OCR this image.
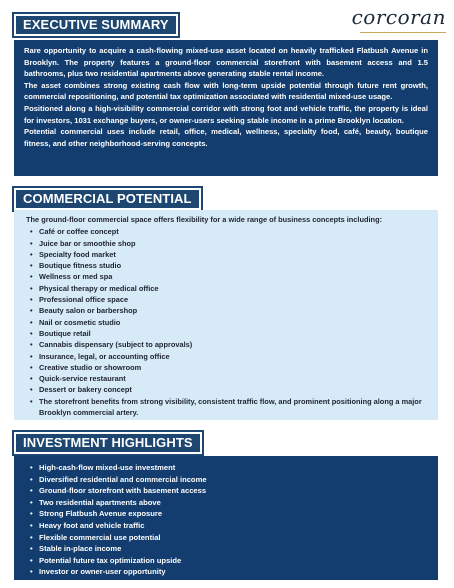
corcoran
EXECUTIVE SUMMARY

Rare opportunity to acquire a cash-flowing mixed-use asset located on heavily trafficked Flatbush Avenue in Brooklyn. The property features a ground-floor commercial storefront with basement access and 1.5 bathrooms, plus two residential apartments above generating stable rental income.

The asset combines strong existing cash flow with long-term upside potential through future rent growth, commercial repositioning, and potential tax optimization associated with residential mixed-use usage.

Positioned along a high-visibility commercial corridor with strong foot and vehicle traffic, the property is ideal for investors, 1031 exchange buyers, or owner-users seeking stable income in a prime Brooklyn location.

Potential commercial uses include retail, office, medical, wellness, specialty food, café, beauty, boutique fitness, and other neighborhood-serving concepts.

COMMERCIAL POTENTIAL

The ground-floor commercial space offers flexibility for a wide range of business concepts including:

• Café or coffee concept
• Juice bar or smoothie shop
• Specialty food market
• Boutique fitness studio
• Wellness or med spa
• Physical therapy or medical office
• Professional office space
• Beauty salon or barbershop
• Nail or cosmetic studio
• Boutique retail
• Cannabis dispensary (subject to approvals)
• Insurance, legal, or accounting office
• Creative studio or showroom
• Quick-service restaurant
• Dessert or bakery concept
• The storefront benefits from strong visibility, consistent traffic flow, and prominent positioning along a major Brooklyn commercial artery.
INVESTMENT HIGHLIGHTS
• High-cash-flow mixed-use investment
• Diversified residential and commercial income
• Ground-floor storefront with basement access
• Two residential apartments above
• Strong Flatbush Avenue exposure
• Heavy foot and vehicle traffic
• Flexible commercial use potential
• Stable in-place income
• Potential future tax optimization upside
• Investor or owner-user opportunity
